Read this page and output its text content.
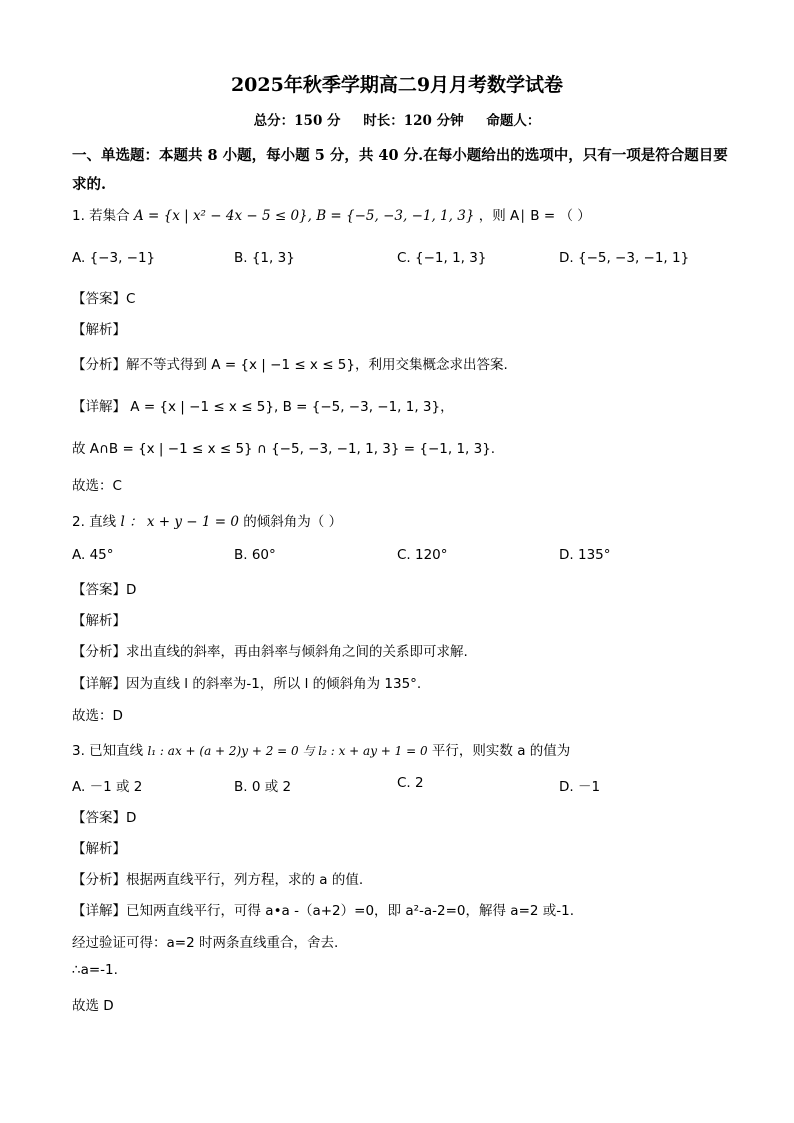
2025年秋季学期高二9月月考数学试卷
总分：150 分 时长：120 分钟 命题人：
一、单选题：本题共 8 小题，每小题 5 分，共 40 分.在每小题给出的选项中，只有一项是符合题目要求的.
1. 若集合 A = {x | x² − 4x − 5 ≤ 0}, B = {−5, −3, −1, 1, 3} ，则 A∣ B = （ ）
A. {−3, −1}	B. {1, 3}	C. {−1, 1, 3}	D. {−5, −3, −1, 1}
【答案】C
【解析】
【分析】解不等式得到 A = {x | −1 ≤ x ≤ 5}，利用交集概念求出答案.
【详解】 A = {x | −1 ≤ x ≤ 5}, B = {−5, −3, −1, 1, 3}，
故 A∩B = {x | −1 ≤ x ≤ 5} ∩ {−5, −3, −1, 1, 3} = {−1, 1, 3}.
故选：C
2. 直线 l ： x + y − 1 = 0 的倾斜角为（ ）
A. 45°	B. 60°	C. 120°	D. 135°
【答案】D
【解析】
【分析】求出直线的斜率，再由斜率与倾斜角之间的关系即可求解.
【详解】因为直线 l 的斜率为-1，所以 l 的倾斜角为 135°.
故选：D
3. 已知直线 l₁ : ax + (a + 2)y + 2 = 0 与 l₂ : x + ay + 1 = 0 平行，则实数 a 的值为
A. －1 或 2	B. 0 或 2	C. 2	D. －1
【答案】D
【解析】
【分析】根据两直线平行，列方程，求的 a 的值.
【详解】已知两直线平行，可得 a•a -（a+2）=0，即 a²-a-2=0，解得 a=2 或-1.
经过验证可得：a=2 时两条直线重合，舍去.
∴a=-1.
故选 D
